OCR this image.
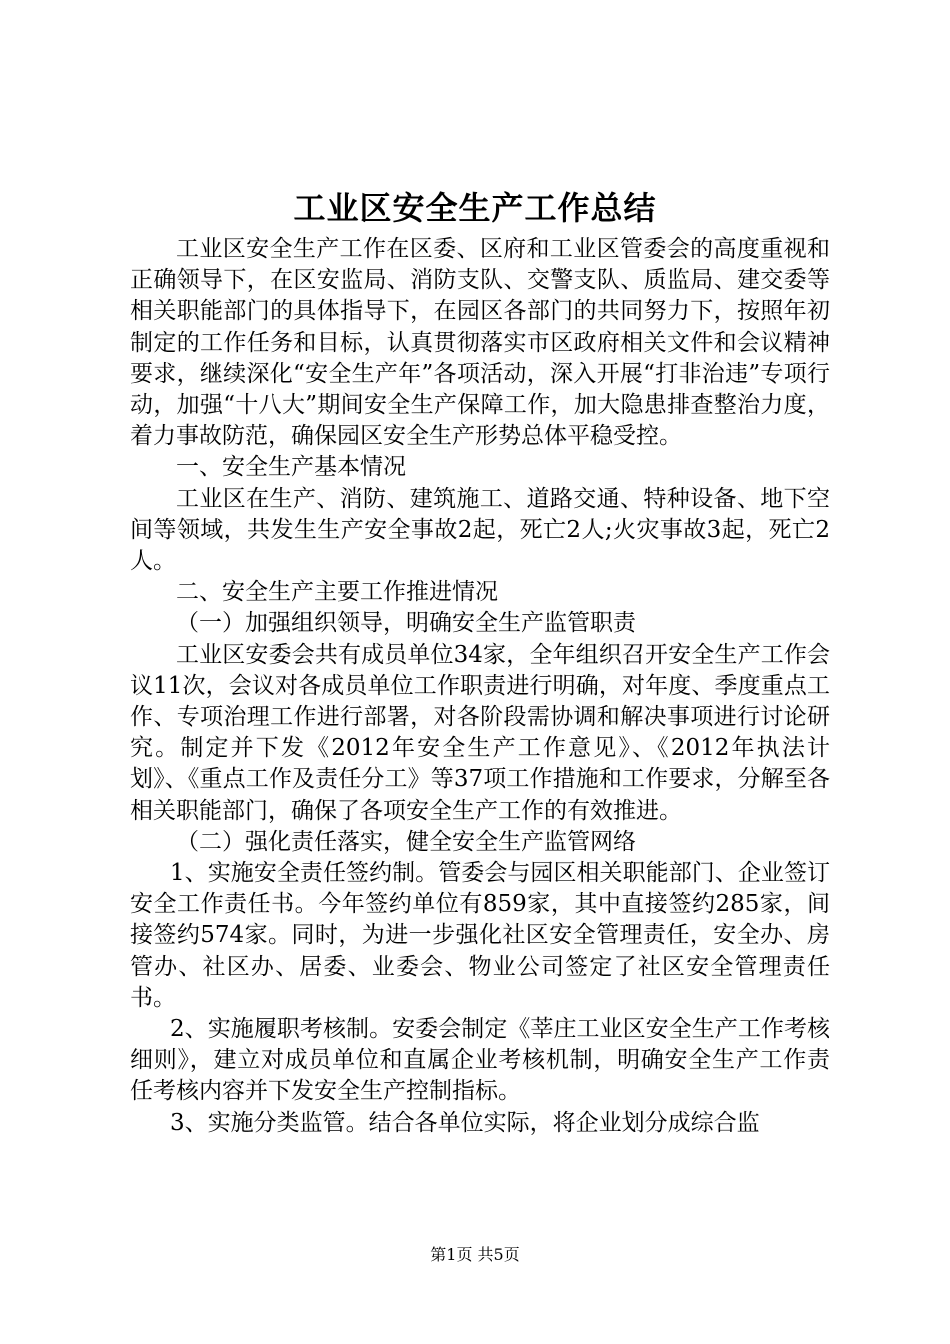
工业区安全生产工作总结

工业区安全生产工作在区委、区府和工业区管委会的高度重视和正确领导下，在区安监局、消防支队、交警支队、质监局、建交委等相关职能部门的具体指导下，在园区各部门的共同努力下，按照年初制定的工作任务和目标，认真贯彻落实市区政府相关文件和会议精神要求，继续深化“安全生产年”各项活动，深入开展“打非治违”专项行动，加强“十八大”期间安全生产保障工作，加大隐患排查整治力度，着力事故防范，确保园区安全生产形势总体平稳受控。

一、安全生产基本情况

工业区在生产、消防、建筑施工、道路交通、特种设备、地下空间等领域，共发生生产安全事故2起，死亡2人;火灾事故3起，死亡2人。

二、安全生产主要工作推进情况

（一）加强组织领导，明确安全生产监管职责

工业区安委会共有成员单位34家，全年组织召开安全生产工作会议11次，会议对各成员单位工作职责进行明确，对年度、季度重点工作、专项治理工作进行部署，对各阶段需协调和解决事项进行讨论研究。制定并下发《2012年安全生产工作意见》、《2012年执法计划》、《重点工作及责任分工》等37项工作措施和工作要求，分解至各相关职能部门，确保了各项安全生产工作的有效推进。

（二）强化责任落实，健全安全生产监管网络

1、实施安全责任签约制。管委会与园区相关职能部门、企业签订安全工作责任书。今年签约单位有859家，其中直接签约285家，间接签约574家。同时，为进一步强化社区安全管理责任，安全办、房管办、社区办、居委、业委会、物业公司签定了社区安全管理责任书。

2、实施履职考核制。安委会制定《莘庄工业区安全生产工作考核细则》，建立对成员单位和直属企业考核机制，明确安全生产工作责任考核内容并下发安全生产控制指标。

3、实施分类监管。结合各单位实际，将企业划分成综合监

第1页 共5页
